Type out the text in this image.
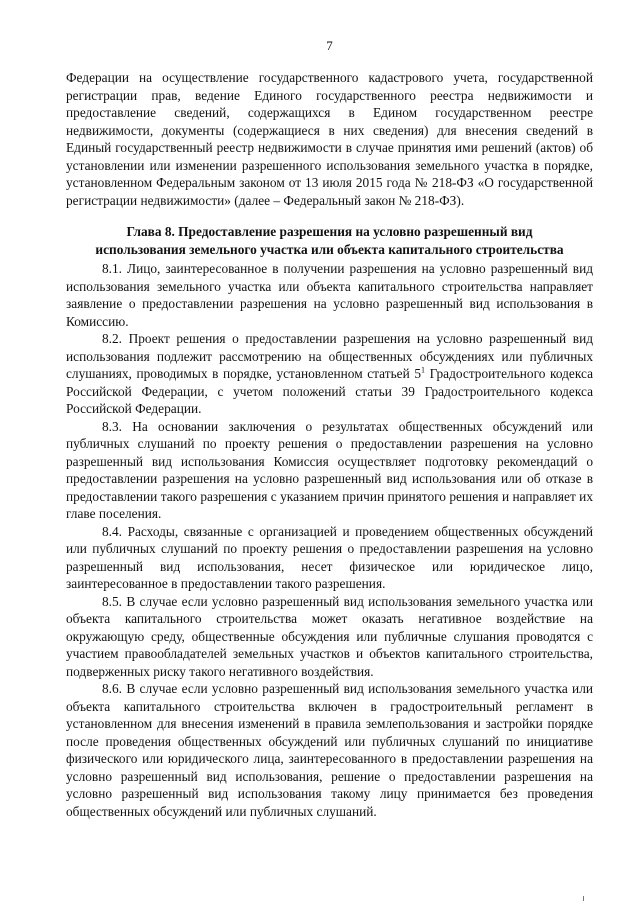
7

Федерации на осуществление государственного кадастрового учета, государственной регистрации прав, ведение Единого государственного реестра недвижимости и предоставление сведений, содержащихся в Едином государственном реестре недвижимости, документы (содержащиеся в них сведения) для внесения сведений в Единый государственный реестр недвижимости в случае принятия ими решений (актов) об установлении или изменении разрешенного использования земельного участка в порядке, установленном Федеральным законом от 13 июля 2015 года № 218-ФЗ «О государственной регистрации недвижимости» (далее – Федеральный закон № 218-ФЗ).

Глава 8. Предоставление разрешения на условно разрешенный вид
использования земельного участка или объекта капитального строительства

8.1. Лицо, заинтересованное в получении разрешения на условно разрешенный вид использования земельного участка или объекта капитального строительства направляет заявление о предоставлении разрешения на условно разрешенный вид использования в Комиссию.

8.2. Проект решения о предоставлении разрешения на условно разрешенный вид использования подлежит рассмотрению на общественных обсуждениях или публичных слушаниях, проводимых в порядке, установленном статьей $5^1$ Градостроительного кодекса Российской Федерации, с учетом положений статьи 39 Градостроительного кодекса Российской Федерации.

8.3. На основании заключения о результатах общественных обсуждений или публичных слушаний по проекту решения о предоставлении разрешения на условно разрешенный вид использования Комиссия осуществляет подготовку рекомендаций о предоставлении разрешения на условно разрешенный вид использования или об отказе в предоставлении такого разрешения с указанием причин принятого решения и направляет их главе поселения.

8.4. Расходы, связанные с организацией и проведением общественных обсуждений или публичных слушаний по проекту решения о предоставлении разрешения на условно разрешенный вид использования, несет физическое или юридическое лицо, заинтересованное в предоставлении такого разрешения.

8.5. В случае если условно разрешенный вид использования земельного участка или объекта капитального строительства может оказать негативное воздействие на окружающую среду, общественные обсуждения или публичные слушания проводятся с участием правообладателей земельных участков и объектов капитального строительства, подверженных риску такого негативного воздействия.

8.6. В случае если условно разрешенный вид использования земельного участка или объекта капитального строительства включен в градостроительный регламент в установленном для внесения изменений в правила землепользования и застройки порядке после проведения общественных обсуждений или публичных слушаний по инициативе физического или юридического лица, заинтересованного в предоставлении разрешения на условно разрешенный вид использования, решение о предоставлении разрешения на условно разрешенный вид использования такому лицу принимается без проведения общественных обсуждений или публичных слушаний.
